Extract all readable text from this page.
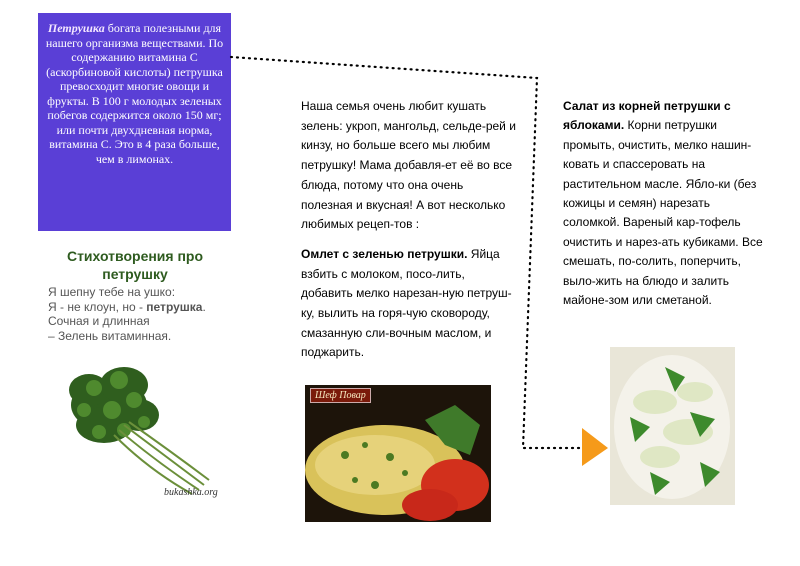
Петрушка богата полезными для нашего организма веществами. По содержанию витамина С (аскорбиновой кислоты) петрушка превосходит многие овощи и фрукты. В 100 г молодых зеленых побегов содержится около 150 мг; или почти двухдневная норма, витамина С. Это в 4 раза больше, чем в лимонах.
Стихотворения про петрушку
Я шепну тебе на ушко:
Я - не клоун, но - петрушка.
Сочная и длинная
– Зелень витаминная.
bukashka.org

Наша семья очень любит кушать зелень: укроп, мангольд, сельде-рей и кинзу, но больше всего мы любим петрушку! Мама добавля-ет её во все блюда, потому что она очень полезная и вкусная! А вот несколько любимых рецеп-тов :

Омлет с зеленью петрушки. Яйца взбить с молоком, посо-лить, добавить мелко нарезан-ную петруш-ку, вылить на горя-чую сковороду, смазанную сли-вочным маслом, и поджарить.

Шеф Повар
Салат из корней петрушки с яблоками. Корни петрушки промыть, очистить, мелко нашин-ковать и спассеровать на растительном масле. Ябло-ки (без кожицы и семян) нарезать соломкой. Вареный кар-тофель очистить и нарез-ать кубиками. Все смешать, по-солить, поперчить, выло-жить на блюдо и залить майоне-зом или сметаной.
